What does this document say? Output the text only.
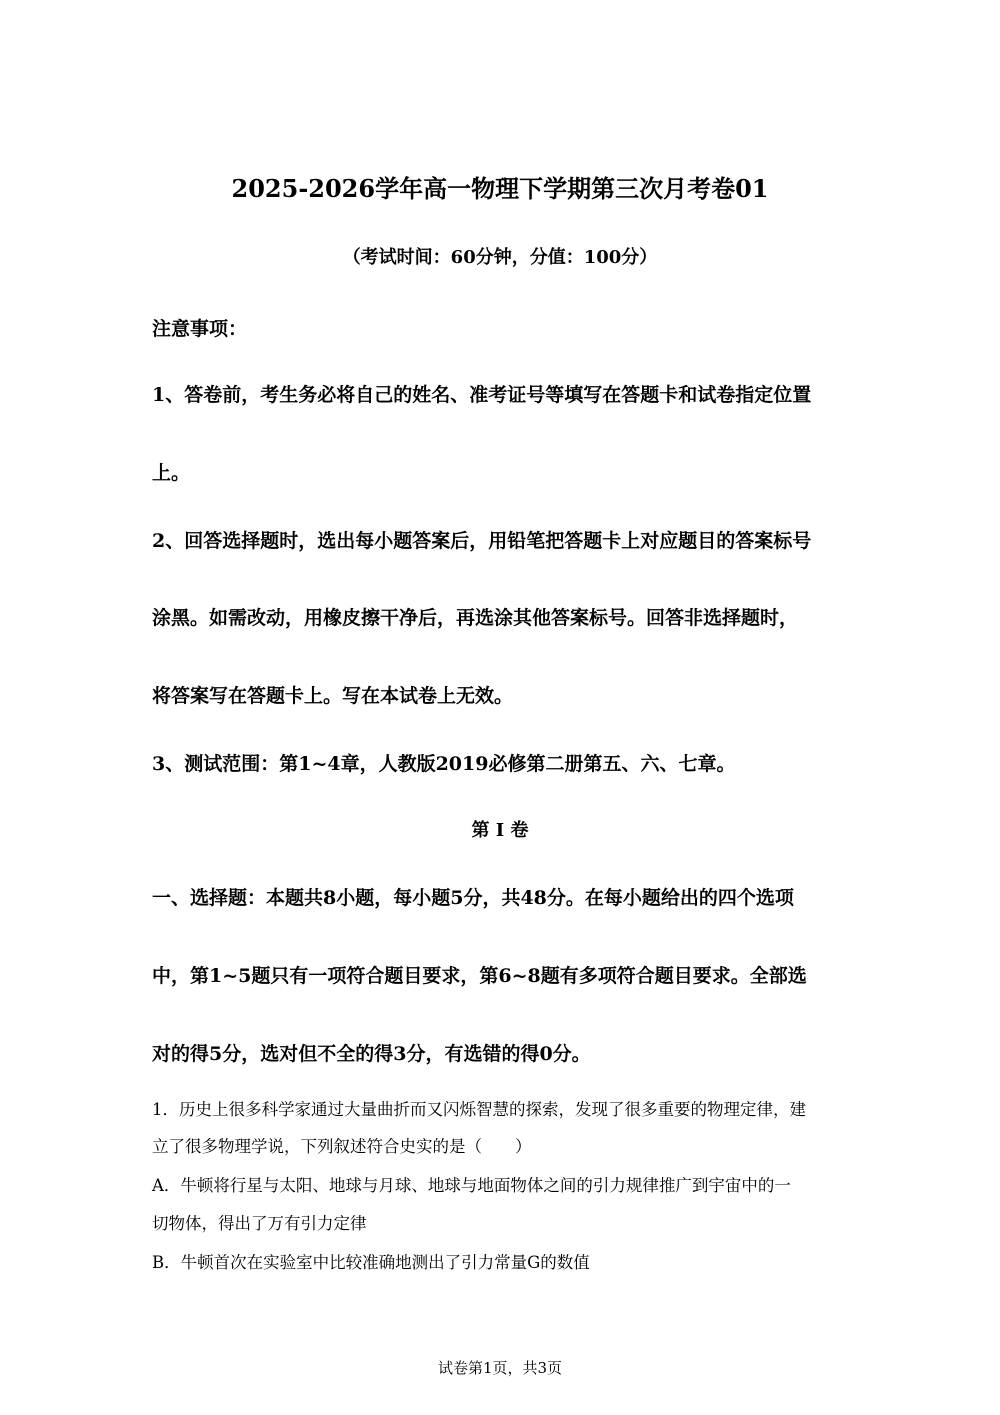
2025-2026学年高一物理下学期第三次月考卷01
（考试时间：60分钟，分值：100分）
注意事项：
1、答卷前，考生务必将自己的姓名、准考证号等填写在答题卡和试卷指定位置
上。
2、回答选择题时，选出每小题答案后，用铅笔把答题卡上对应题目的答案标号
涂黑。如需改动，用橡皮擦干净后，再选涂其他答案标号。回答非选择题时，
将答案写在答题卡上。写在本试卷上无效。
3、测试范围：第1~4章，人教版2019必修第二册第五、六、七章。
第 I 卷
一、选择题：本题共8小题，每小题5分，共48分。在每小题给出的四个选项
中，第1~5题只有一项符合题目要求，第6~8题有多项符合题目要求。全部选
对的得5分，选对但不全的得3分，有选错的得0分。
1．历史上很多科学家通过大量曲折而又闪烁智慧的探索，发现了很多重要的物理定律，建
立了很多物理学说，下列叙述符合史实的是（　　）
A．牛顿将行星与太阳、地球与月球、地球与地面物体之间的引力规律推广到宇宙中的一
切物体，得出了万有引力定律
B．牛顿首次在实验室中比较准确地测出了引力常量G的数值
试卷第1页，共3页
